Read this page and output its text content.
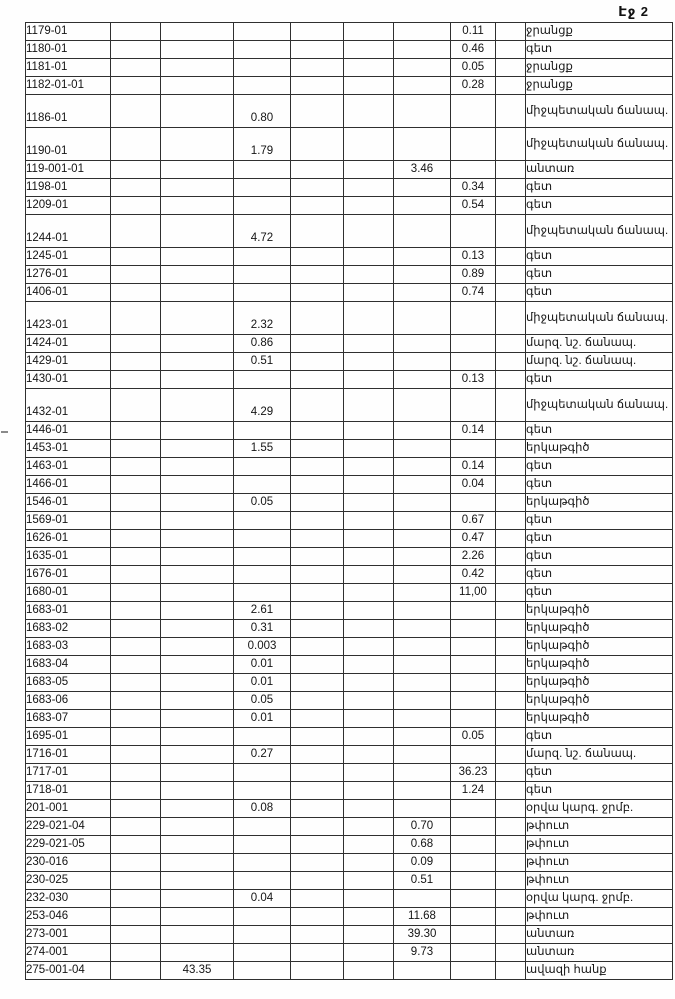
Էջ 2
1179-01							0.11		ջրանցք
1180-01							0.46		գետ
1181-01							0.05		ջրանցք
1182-01-01							0.28		ջրանցք
1186-01			0.80						միջպետական ճանապ.
1190-01			1.79						միջպետական ճանապ.
119-001-01						3.46			անտառ
1198-01							0.34		գետ
1209-01							0.54		գետ
1244-01			4.72						միջպետական ճանապ.
1245-01							0.13		գետ
1276-01							0.89		գետ
1406-01							0.74		գետ
1423-01			2.32						միջպետական ճանապ.
1424-01			0.86						մարզ. նշ. ճանապ.
1429-01			0.51						մարզ. նշ. ճանապ.
1430-01							0.13		գետ
1432-01			4.29						միջպետական ճանապ.
1446-01							0.14		գետ
1453-01			1.55						երկաթգիծ
1463-01							0.14		գետ
1466-01							0.04		գետ
1546-01			0.05						երկաթգիծ
1569-01							0.67		գետ
1626-01							0.47		գետ
1635-01							2.26		գետ
1676-01							0.42		գետ
1680-01							11,00		գետ
1683-01			2.61						երկաթգիծ
1683-02			0.31						երկաթգիծ
1683-03			0.003						երկաթգիծ
1683-04			0.01						երկաթգիծ
1683-05			0.01						երկաթգիծ
1683-06			0.05						երկաթգիծ
1683-07			0.01						երկաթգիծ
1695-01							0.05		գետ
1716-01			0.27						մարզ. նշ. ճանապ.
1717-01							36.23		գետ
1718-01							1.24		գետ
201-001			0.08						օրվա կարգ. ջրմբ.
229-021-04						0.70			թփուտ
229-021-05						0.68			թփուտ
230-016						0.09			թփուտ
230-025						0.51			թփուտ
232-030			0.04						օրվա կարգ. ջրմբ.
253-046						11.68			թփուտ
273-001						39.30			անտառ
274-001						9.73			անտառ
275-001-04		43.35							ավազի հանք
